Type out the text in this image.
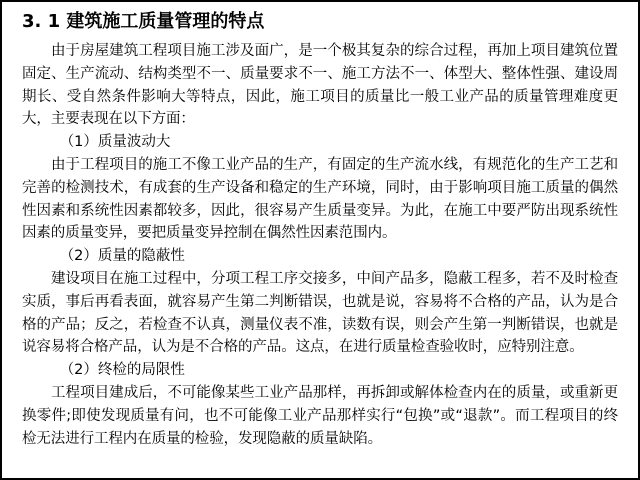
3. 1 建筑施工质量管理的特点

由于房屋建筑工程项目施工涉及面广，是一个极其复杂的综合过程，再加上项目建筑位置固定、生产流动、结构类型不一、质量要求不一、施工方法不一、体型大、整体性强、建设周期长、受自然条件影响大等特点，因此，施工项目的质量比一般工业产品的质量管理难度更大，主要表现在以下方面：

（1）质量波动大

由于工程项目的施工不像工业产品的生产，有固定的生产流水线，有规范化的生产工艺和完善的检测技术，有成套的生产设备和稳定的生产环境，同时，由于影响项目施工质量的偶然性因素和系统性因素都较多，因此，很容易产生质量变异。为此，在施工中要严防出现系统性因素的质量变异，要把质量变异控制在偶然性因素范围内。

（2）质量的隐蔽性

建设项目在施工过程中，分项工程工序交接多，中间产品多，隐蔽工程多，若不及时检查实质，事后再看表面，就容易产生第二判断错误，也就是说，容易将不合格的产品，认为是合格的产品；反之，若检查不认真，测量仪表不准，读数有误，则会产生第一判断错误，也就是说容易将合格产品，认为是不合格的产品。这点，在进行质量检查验收时，应特别注意。

（2）终检的局限性

工程项目建成后，不可能像某些工业产品那样，再拆卸或解体检查内在的质量，或重新更换零件;即使发现质量有问，也不可能像工业产品那样实行“包换”或“退款”。而工程项目的终检无法进行工程内在质量的检验，发现隐蔽的质量缺陷。
